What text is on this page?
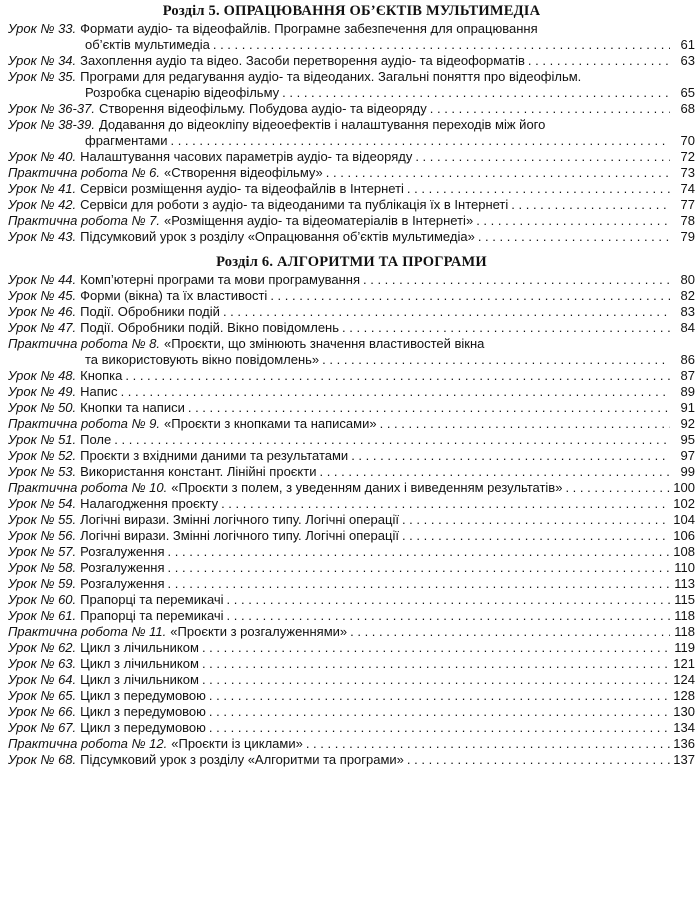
Розділ 5. ОПРАЦЮВАННЯ ОБ’ЄКТІВ МУЛЬТИМЕДІА
Урок № 33. Формати аудіо- та відеофайлів. Програмне забезпечення для опрацювання
об’єктів мультимедіа . . .	61
Урок № 34. Захоплення аудіо та відео. Засоби перетворення аудіо- та відеоформатів . . .	63
Урок № 35. Програми для редагування аудіо- та відеоданих. Загальні поняття про відеофільм.
Розробка сценарію відеофільму . . .	65
Урок № 36-37. Створення відеофільму. Побудова аудіо- та відеоряду . . .	68
Урок № 38-39. Додавання до відеокліпу відеоефектів і налаштування переходів між його
фрагментами . . .	70
Урок № 40. Налаштування часових параметрів аудіо- та відеоряду . . .	72
Практична робота № 6. «Створення відеофільму» . . .	73
Урок № 41. Сервіси розміщення аудіо- та відеофайлів в Інтернеті . . .	74
Урок № 42. Сервіси для роботи з аудіо- та відеоданими та публікація їх в Інтернеті . . .	77
Практична робота № 7. «Розміщення аудіо- та відеоматеріалів в Інтернеті» . . .	78
Урок № 43. Підсумковий урок з розділу «Опрацювання об’єктів мультимедіа» . . .	79
Розділ 6. АЛГОРИТМИ ТА ПРОГРАМИ
Урок № 44. Комп’ютерні програми та мови програмування . . .	80
Урок № 45. Форми (вікна) та їх властивості . . .	82
Урок № 46. Події. Обробники подій . . .	83
Урок № 47. Події. Обробники подій. Вікно повідомлень . . .	84
Практична робота № 8. «Проєкти, що змінюють значення властивостей вікна
та використовують вікно повідомлень» . . .	86
Урок № 48. Кнопка . . .	87
Урок № 49. Напис . . .	89
Урок № 50. Кнопки та написи . . .	91
Практична робота № 9. «Проєкти з кнопками та написами» . . .	92
Урок № 51. Поле . . .	95
Урок № 52. Проєкти з вхідними даними та результатами . . .	97
Урок № 53. Використання констант. Лінійні проєкти . . .	99
Практична робота № 10. «Проєкти з полем, з уведенням даних і виведенням результатів» . . .	100
Урок № 54. Налагодження проєкту . . .	102
Урок № 55. Логічні вирази. Змінні логічного типу. Логічні операції . . .	104
Урок № 56. Логічні вирази. Змінні логічного типу. Логічні операції . . .	106
Урок № 57. Розгалуження . . .	108
Урок № 58. Розгалуження . . .	110
Урок № 59. Розгалуження . . .	113
Урок № 60. Прапорці та перемикачі . . .	115
Урок № 61. Прапорці та перемикачі . . .	118
Практична робота № 11. «Проєкти з розгалуженнями» . . .	118
Урок № 62. Цикл з лічильником . . .	119
Урок № 63. Цикл з лічильником . . .	121
Урок № 64. Цикл з лічильником . . .	124
Урок № 65. Цикл з передумовою . . .	128
Урок № 66. Цикл з передумовою . . .	130
Урок № 67. Цикл з передумовою . . .	134
Практична робота № 12. «Проєкти із циклами» . . .	136
Урок № 68. Підсумковий урок з розділу «Алгоритми та програми» . . .	137
